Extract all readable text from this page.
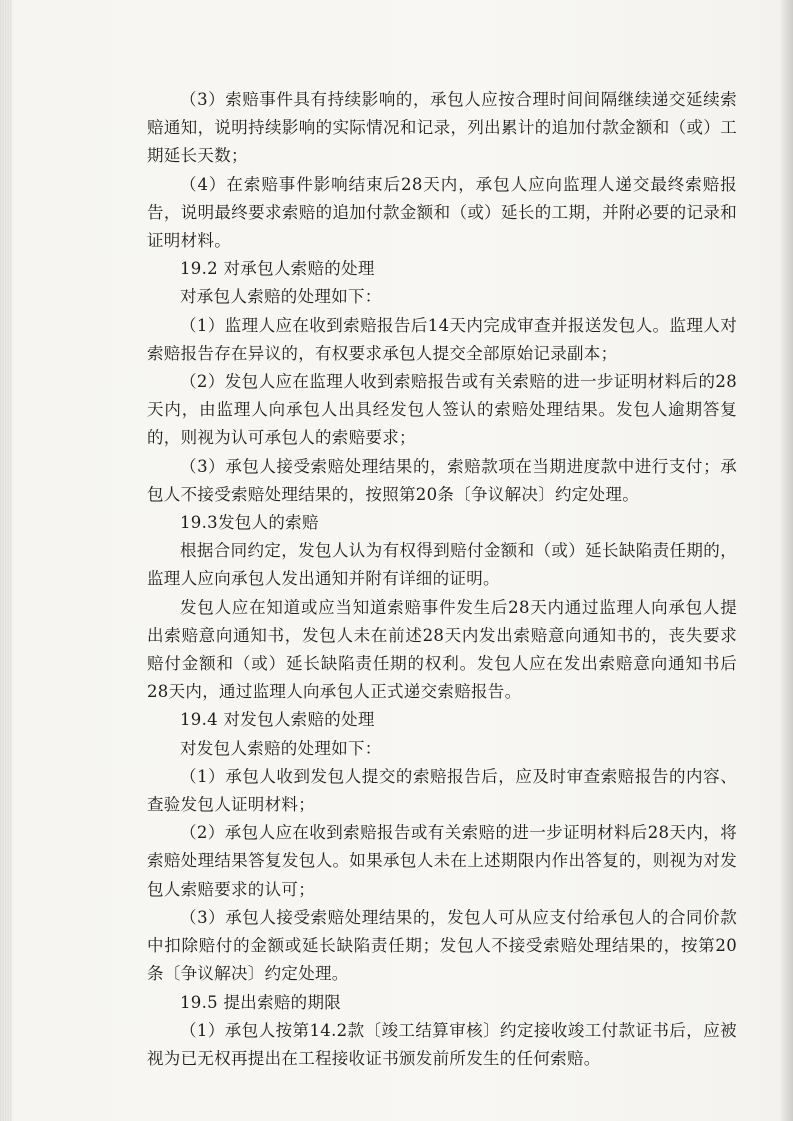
（3）索赔事件具有持续影响的，承包人应按合理时间间隔继续递交延续索赔通知，说明持续影响的实际情况和记录，列出累计的追加付款金额和（或）工期延长天数；

（4）在索赔事件影响结束后28天内，承包人应向监理人递交最终索赔报告，说明最终要求索赔的追加付款金额和（或）延长的工期，并附必要的记录和证明材料。

19.2 对承包人索赔的处理

对承包人索赔的处理如下：

（1）监理人应在收到索赔报告后14天内完成审查并报送发包人。监理人对索赔报告存在异议的，有权要求承包人提交全部原始记录副本；

（2）发包人应在监理人收到索赔报告或有关索赔的进一步证明材料后的28天内，由监理人向承包人出具经发包人签认的索赔处理结果。发包人逾期答复的，则视为认可承包人的索赔要求；

（3）承包人接受索赔处理结果的，索赔款项在当期进度款中进行支付；承包人不接受索赔处理结果的，按照第20条〔争议解决〕约定处理。

19.3发包人的索赔

根据合同约定，发包人认为有权得到赔付金额和（或）延长缺陷责任期的，监理人应向承包人发出通知并附有详细的证明。

发包人应在知道或应当知道索赔事件发生后28天内通过监理人向承包人提出索赔意向通知书，发包人未在前述28天内发出索赔意向通知书的，丧失要求赔付金额和（或）延长缺陷责任期的权利。发包人应在发出索赔意向通知书后28天内，通过监理人向承包人正式递交索赔报告。

19.4 对发包人索赔的处理

对发包人索赔的处理如下：

（1）承包人收到发包人提交的索赔报告后，应及时审查索赔报告的内容、查验发包人证明材料；

（2）承包人应在收到索赔报告或有关索赔的进一步证明材料后28天内，将索赔处理结果答复发包人。如果承包人未在上述期限内作出答复的，则视为对发包人索赔要求的认可；

（3）承包人接受索赔处理结果的，发包人可从应支付给承包人的合同价款中扣除赔付的金额或延长缺陷责任期；发包人不接受索赔处理结果的，按第20条〔争议解决〕约定处理。

19.5 提出索赔的期限

（1）承包人按第14.2款〔竣工结算审核〕约定接收竣工付款证书后，应被视为已无权再提出在工程接收证书颁发前所发生的任何索赔。
